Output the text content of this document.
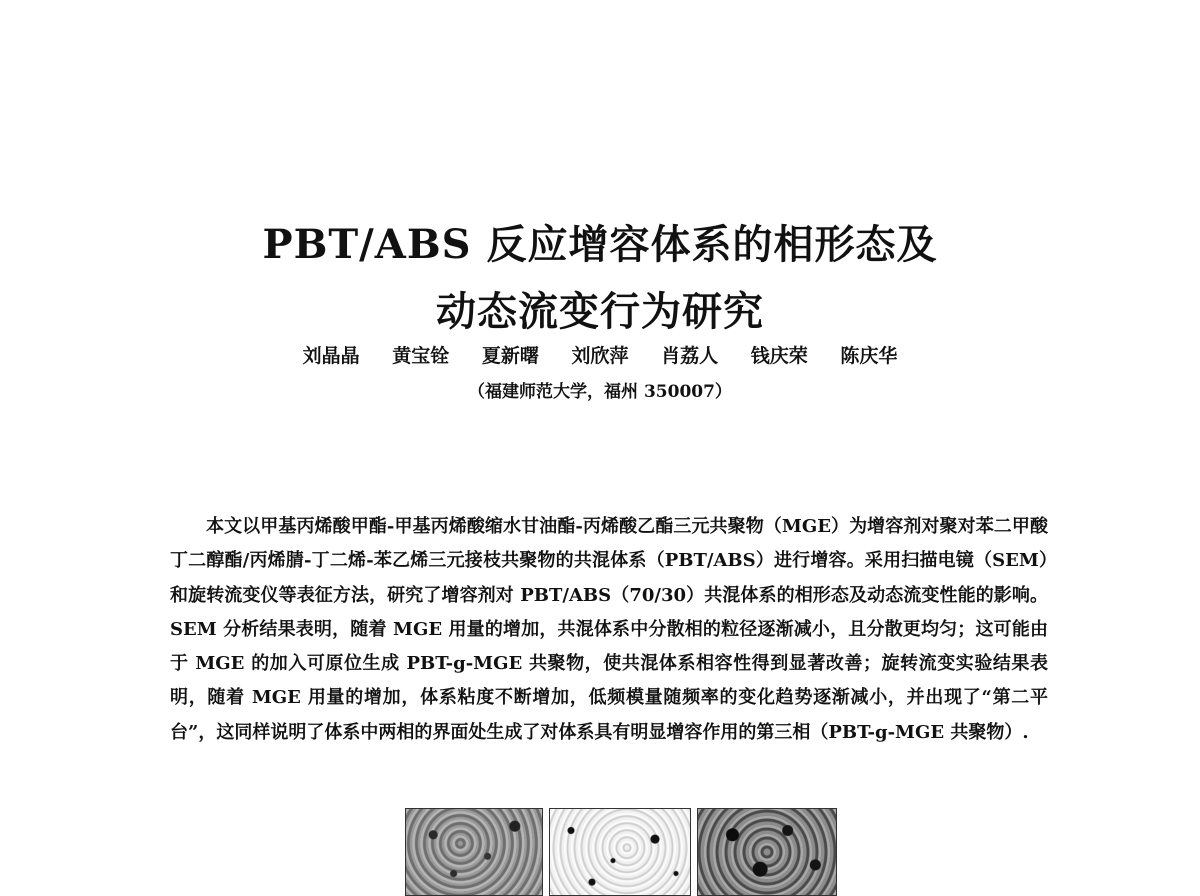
PBT/ABS 反应增容体系的相形态及
动态流变行为研究
刘晶晶 黄宝铨 夏新曙 刘欣萍 肖荔人 钱庆荣 陈庆华
（福建师范大学，福州 350007）

本文以甲基丙烯酸甲酯-甲基丙烯酸缩水甘油酯-丙烯酸乙酯三元共聚物（MGE）为增容剂对聚对苯二甲酸丁二醇酯/丙烯腈-丁二烯-苯乙烯三元接枝共聚物的共混体系（PBT/ABS）进行增容。采用扫描电镜（SEM）和旋转流变仪等表征方法，研究了增容剂对 PBT/ABS（70/30）共混体系的相形态及动态流变性能的影响。SEM 分析结果表明，随着 MGE 用量的增加，共混体系中分散相的粒径逐渐减小，且分散更均匀；这可能由于 MGE 的加入可原位生成 PBT-g-MGE 共聚物，使共混体系相容性得到显著改善；旋转流变实验结果表明，随着 MGE 用量的增加，体系粘度不断增加，低频模量随频率的变化趋势逐渐减小，并出现了“第二平台”，这同样说明了体系中两相的界面处生成了对体系具有明显增容作用的第三相（PBT-g-MGE 共聚物）.
